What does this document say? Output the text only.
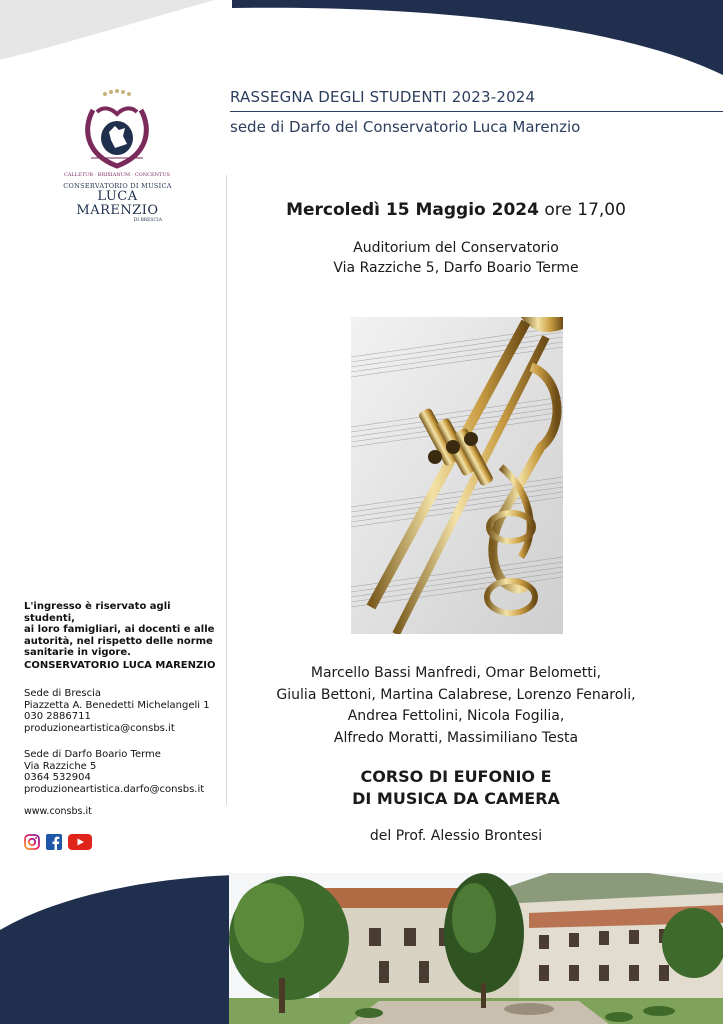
RASSEGNA DEGLI STUDENTI 2023-2024
sede di Darfo del Conservatorio Luca Marenzio
CALLETUR · BRIXIANUM · CONCENTUS
CONSERVATORIO DI MUSICA
LUCA MARENZIO
DI BRESCIA
Mercoledì 15 Maggio 2024 ore 17,00
Auditorium del Conservatorio
Via Razziche 5, Darfo Boario Terme
Marcello Bassi Manfredi, Omar Belometti,
Giulia Bettoni, Martina Calabrese, Lorenzo Fenaroli,
Andrea Fettolini, Nicola Fogilia,
Alfredo Moratti, Massimiliano Testa
CORSO DI EUFONIO E
DI MUSICA DA CAMERA
del Prof. Alessio Brontesi
L'ingresso è riservato agli studenti,
ai loro famigliari, ai docenti e alle
autorità, nel rispetto delle norme
sanitarie in vigore.
CONSERVATORIO LUCA MARENZIO
Sede di Brescia
Piazzetta A. Benedetti Michelangeli 1
030 2886711
produzioneartistica@consbs.it
Sede di Darfo Boario Terme
Via Razziche 5
0364 532904
produzioneartistica.darfo@consbs.it
www.consbs.it
